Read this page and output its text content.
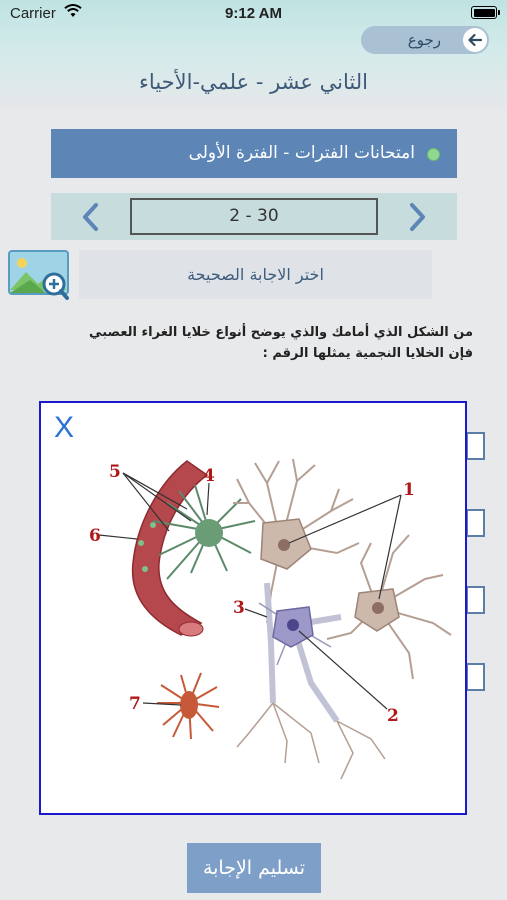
Carrier	9:12 AM
رجوع
الثاني عشر - علمي-الأحياء
امتحانات الفترات - الفترة الأولى
2 - 30
اختر الاجابة الصحيحة
من الشكل الذي أمامك والذي يوضح أنواع خلايا الغراء العصبي
فإن الخلايا النجمية يمثلها الرقم :
X
1
2
3
4
5
6
7
تسليم الإجابة
